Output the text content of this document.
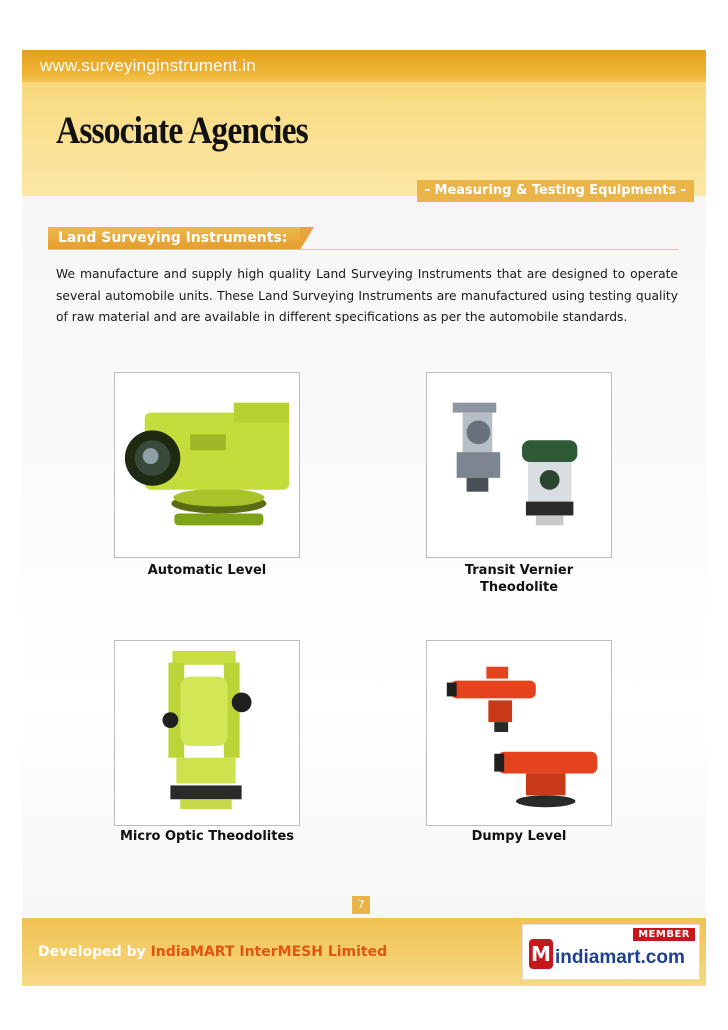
www.surveyinginstrument.in
Associate Agencies
- Measuring & Testing Equipments -
Land Surveying Instruments:

We manufacture and supply high quality Land Surveying Instruments that are designed to operate several automobile units. These Land Surveying Instruments are manufactured using testing quality of raw material and are available in different specifications as per the automobile standards.

Automatic Level	Transit Vernier Theodolite
Micro Optic Theodolites	Dumpy Level
7
Developed by IndiaMART InterMESH Limited
MEMBER
M indiamart.com
